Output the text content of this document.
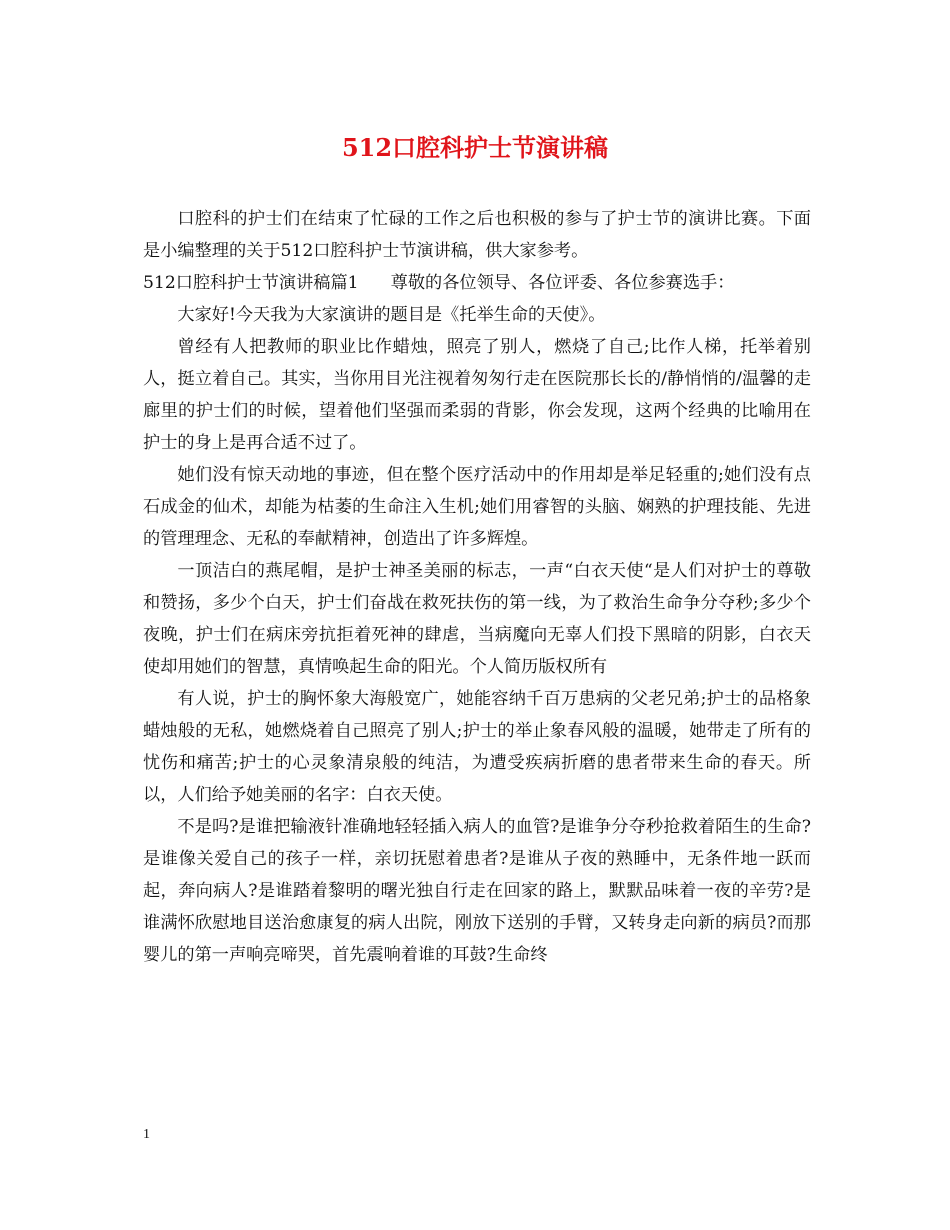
512口腔科护士节演讲稿

口腔科的护士们在结束了忙碌的工作之后也积极的参与了护士节的演讲比赛。下面是小编整理的关于512口腔科护士节演讲稿，供大家参考。

512口腔科护士节演讲稿篇1 尊敬的各位领导、各位评委、各位参赛选手：

大家好!今天我为大家演讲的题目是《托举生命的天使》。

曾经有人把教师的职业比作蜡烛，照亮了别人，燃烧了自己;比作人梯，托举着别人，挺立着自己。其实，当你用目光注视着匆匆行走在医院那长长的/静悄悄的/温馨的走廊里的护士们的时候，望着他们坚强而柔弱的背影，你会发现，这两个经典的比喻用在护士的身上是再合适不过了。

她们没有惊天动地的事迹，但在整个医疗活动中的作用却是举足轻重的;她们没有点石成金的仙术，却能为枯萎的生命注入生机;她们用睿智的头脑、娴熟的护理技能、先进的管理理念、无私的奉献精神，创造出了许多辉煌。

一顶洁白的燕尾帽，是护士神圣美丽的标志，一声“白衣天使“是人们对护士的尊敬和赞扬，多少个白天，护士们奋战在救死扶伤的第一线，为了救治生命争分夺秒;多少个夜晚，护士们在病床旁抗拒着死神的肆虐，当病魔向无辜人们投下黑暗的阴影，白衣天使却用她们的智慧，真情唤起生命的阳光。个人简历版权所有

有人说，护士的胸怀象大海般宽广，她能容纳千百万患病的父老兄弟;护士的品格象蜡烛般的无私，她燃烧着自己照亮了别人;护士的举止象春风般的温暖，她带走了所有的忧伤和痛苦;护士的心灵象清泉般的纯洁，为遭受疾病折磨的患者带来生命的春天。所以，人们给予她美丽的名字：白衣天使。

不是吗?是谁把输液针准确地轻轻插入病人的血管?是谁争分夺秒抢救着陌生的生命?是谁像关爱自己的孩子一样，亲切抚慰着患者?是谁从子夜的熟睡中，无条件地一跃而起，奔向病人?是谁踏着黎明的曙光独自行走在回家的路上，默默品味着一夜的辛劳?是谁满怀欣慰地目送治愈康复的病人出院，刚放下送别的手臂，又转身走向新的病员?而那婴儿的第一声响亮啼哭，首先震响着谁的耳鼓?生命终

1
